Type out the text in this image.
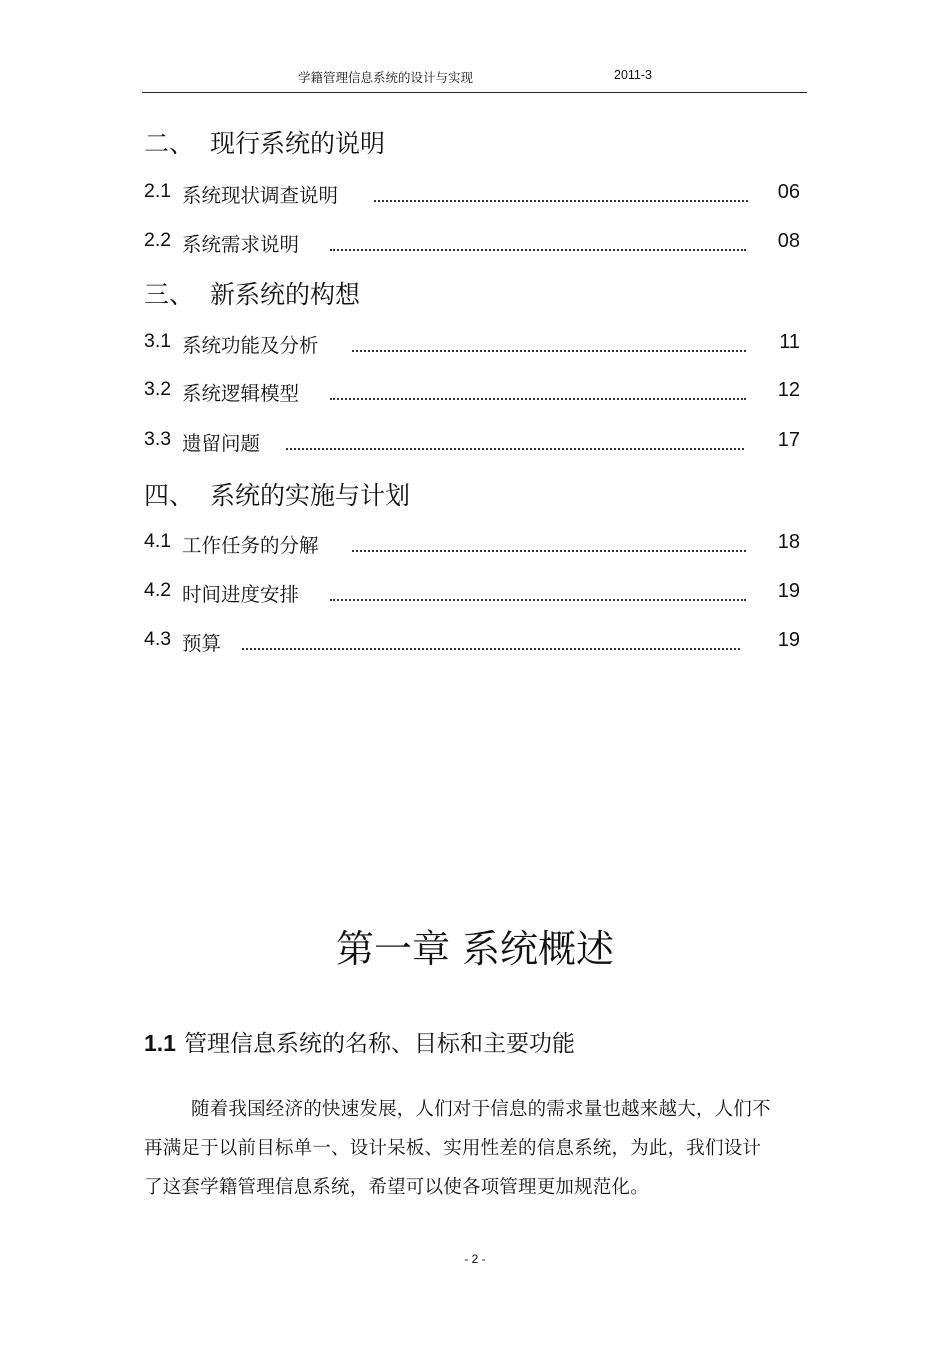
学籍管理信息系统的设计与实现	2011-3
二、 现行系统的说明
2.1 系统现状调查说明	06
2.2 系统需求说明	08
三、 新系统的构想
3.1 系统功能及分析	11
3.2 系统逻辑模型	12
3.3 遗留问题	17
四、 系统的实施与计划
4.1 工作任务的分解	18
4.2 时间进度安排	19
4.3 预算	19
第一章 系统概述
1.1 管理信息系统的名称、目标和主要功能
随着我国经济的快速发展，人们对于信息的需求量也越来越大，人们不再满足于以前目标单一、设计呆板、实用性差的信息系统，为此，我们设计了这套学籍管理信息系统，希望可以使各项管理更加规范化。
- 2 -
